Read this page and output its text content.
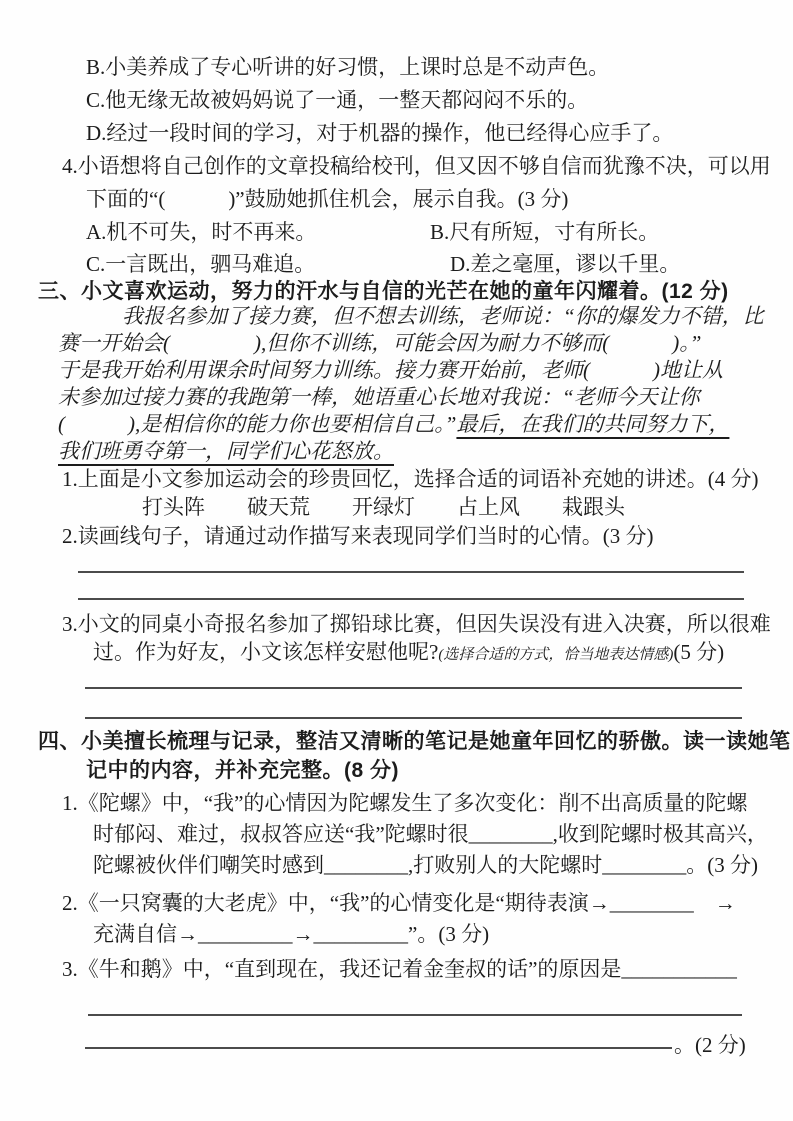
B.小美养成了专心听讲的好习惯，上课时总是不动声色。
C.他无缘无故被妈妈说了一通，一整天都闷闷不乐的。
D.经过一段时间的学习，对于机器的操作，他已经得心应手了。
4.小语想将自己创作的文章投稿给校刊，但又因不够自信而犹豫不决，可以用
下面的“(　　　)”鼓励她抓住机会，展示自我。(3 分)
A.机不可失，时不再来。	B.尺有所短，寸有所长。
C.一言既出，驷马难追。	D.差之毫厘，谬以千里。
三、小文喜欢运动，努力的汗水与自信的光芒在她的童年闪耀着。(12 分)
我报名参加了接力赛，但不想去训练，老师说：“你的爆发力不错，比
赛一开始会(　　　　),但你不训练，可能会因为耐力不够而(　　　)。”
于是我开始利用课余时间努力训练。接力赛开始前，老师(　　　)地让从
未参加过接力赛的我跑第一棒，她语重心长地对我说：“老师今天让你
(　　　),是相信你的能力你也要相信自己。”最后，在我们的共同努力下，
我们班勇夺第一，同学们心花怒放。
1.上面是小文参加运动会的珍贵回忆，选择合适的词语补充她的讲述。(4 分)
打头阵　　破天荒　　开绿灯　　占上风　　栽跟头
2.读画线句子，请通过动作描写来表现同学们当时的心情。(3 分)
3.小文的同桌小奇报名参加了掷铅球比赛，但因失误没有进入决赛，所以很难
过。作为好友，小文该怎样安慰他呢?(选择合适的方式，恰当地表达情感)(5 分)
四、小美擅长梳理与记录，整洁又清晰的笔记是她童年回忆的骄傲。读一读她笔
记中的内容，并补充完整。(8 分)
1.《陀螺》中，“我”的心情因为陀螺发生了多次变化：削不出高质量的陀螺
时郁闷、难过，叔叔答应送“我”陀螺时很________,收到陀螺时极其高兴，
陀螺被伙伴们嘲笑时感到________,打败别人的大陀螺时________。(3 分)
2.《一只窝囊的大老虎》中，“我”的心情变化是“期待表演→________　→
充满自信→_________→_________”。(3 分)
3.《牛和鹅》中，“直到现在，我还记着金奎叔的话”的原因是___________
。(2 分)
